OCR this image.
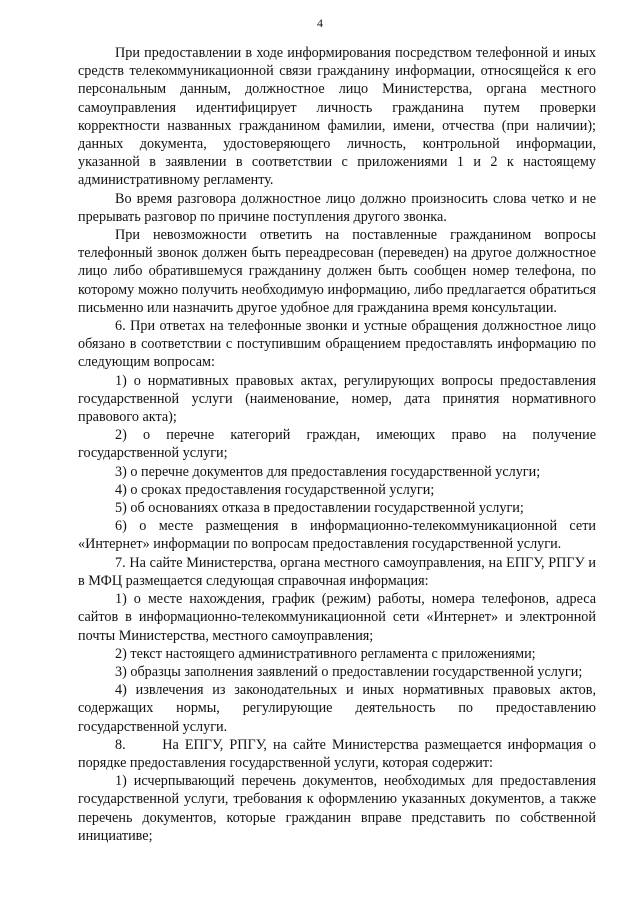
4

При предоставлении в ходе информирования посредством телефонной и иных средств телекоммуникационной связи гражданину информации, относящейся к его персональным данным, должностное лицо Министерства, органа местного самоуправления идентифицирует личность гражданина путем проверки корректности названных гражданином фамилии, имени, отчества (при наличии); данных документа, удостоверяющего личность, контрольной информации, указанной в заявлении в соответствии с приложениями 1 и 2 к настоящему административному регламенту.

Во время разговора должностное лицо должно произносить слова четко и не прерывать разговор по причине поступления другого звонка.

При невозможности ответить на поставленные гражданином вопросы телефонный звонок должен быть переадресован (переведен) на другое должностное лицо либо обратившемуся гражданину должен быть сообщен номер телефона, по которому можно получить необходимую информацию, либо предлагается обратиться письменно или назначить другое удобное для гражданина время консультации.

6. При ответах на телефонные звонки и устные обращения должностное лицо обязано в соответствии с поступившим обращением предоставлять информацию по следующим вопросам:

1) о нормативных правовых актах, регулирующих вопросы предоставления государственной услуги (наименование, номер, дата принятия нормативного правового акта);

2) о перечне категорий граждан, имеющих право на получение государственной услуги;

3) о перечне документов для предоставления государственной услуги;

4) о сроках предоставления государственной услуги;

5) об основаниях отказа в предоставлении государственной услуги;

6) о месте размещения в информационно-телекоммуникационной сети «Интернет» информации по вопросам предоставления государственной услуги.

7. На сайте Министерства, органа местного самоуправления, на ЕПГУ, РПГУ и в МФЦ размещается следующая справочная информация:

1) о месте нахождения, график (режим) работы, номера телефонов, адреса сайтов в информационно-телекоммуникационной сети «Интернет» и электронной почты Министерства, местного самоуправления;

2) текст настоящего административного регламента с приложениями;

3) образцы заполнения заявлений о предоставлении государственной услуги;

4) извлечения из законодательных и иных нормативных правовых актов, содержащих нормы, регулирующие деятельность по предоставлению государственной услуги.

8.      На ЕПГУ, РПГУ, на сайте Министерства размещается информация о порядке предоставления государственной услуги, которая содержит:

1) исчерпывающий перечень документов, необходимых для предоставления государственной услуги, требования к оформлению указанных документов, а также перечень документов, которые гражданин вправе представить по собственной инициативе;
